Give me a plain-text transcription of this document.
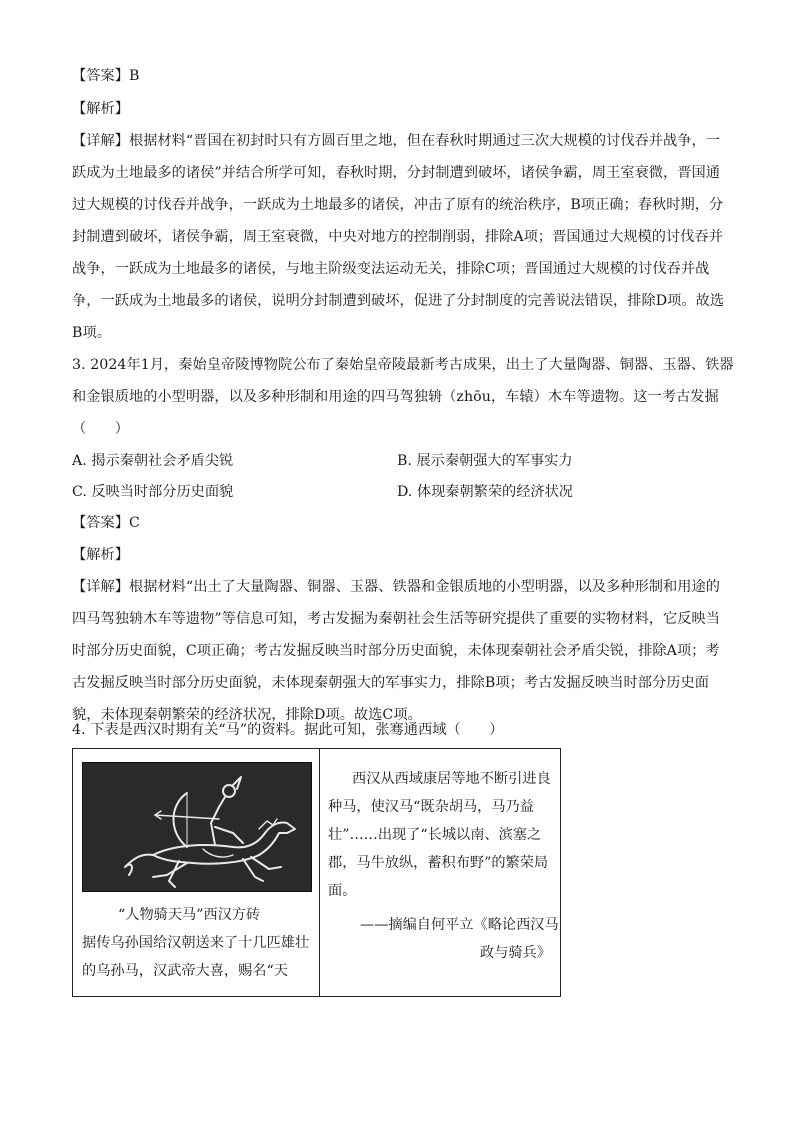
【答案】B
【解析】
【详解】根据材料“晋国在初封时只有方圆百里之地，但在春秋时期通过三次大规模的讨伐吞并战争，一
跃成为土地最多的诸侯”并结合所学可知，春秋时期，分封制遭到破坏，诸侯争霸，周王室衰微，晋国通
过大规模的讨伐吞并战争，一跃成为土地最多的诸侯，冲击了原有的统治秩序，B项正确；春秋时期，分
封制遭到破坏，诸侯争霸，周王室衰微，中央对地方的控制削弱，排除A项；晋国通过大规模的讨伐吞并
战争，一跃成为土地最多的诸侯，与地主阶级变法运动无关，排除C项；晋国通过大规模的讨伐吞并战
争，一跃成为土地最多的诸侯，说明分封制遭到破坏，促进了分封制度的完善说法错误，排除D项。故选
B项。
3. 2024年1月，秦始皇帝陵博物院公布了秦始皇帝陵最新考古成果，出土了大量陶器、铜器、玉器、铁器
和金银质地的小型明器，以及多种形制和用途的四马驾独辀（zhōu，车辕）木车等遗物。这一考古发掘
（　　）
A. 揭示秦朝社会矛盾尖锐	B. 展示秦朝强大的军事实力
C. 反映当时部分历史面貌	D. 体现秦朝繁荣的经济状况
【答案】C
【解析】
【详解】根据材料“出土了大量陶器、铜器、玉器、铁器和金银质地的小型明器，以及多种形制和用途的
四马驾独辀木车等遗物”等信息可知，考古发掘为秦朝社会生活等研究提供了重要的实物材料，它反映当
时部分历史面貌，C项正确；考古发掘反映当时部分历史面貌，未体现秦朝社会矛盾尖锐，排除A项；考
古发掘反映当时部分历史面貌，未体现秦朝强大的军事实力，排除B项；考古发掘反映当时部分历史面
貌，未体现秦朝繁荣的经济状况，排除D项。故选C项。
4. 下表是西汉时期有关“马”的资料。据此可知，张骞通西域（　　）
“人物骑天马”西汉方砖
据传乌孙国给汉朝送来了十几匹雄壮
的乌孙马，汉武帝大喜，赐名“天

西汉从西域康居等地不断引进良
种马，使汉马“既杂胡马，马乃益
壮”……出现了“长城以南、滨塞之
郡，马牛放纵，蓄积布野”的繁荣局
面。
——摘编自何平立《略论西汉马
政与骑兵》
